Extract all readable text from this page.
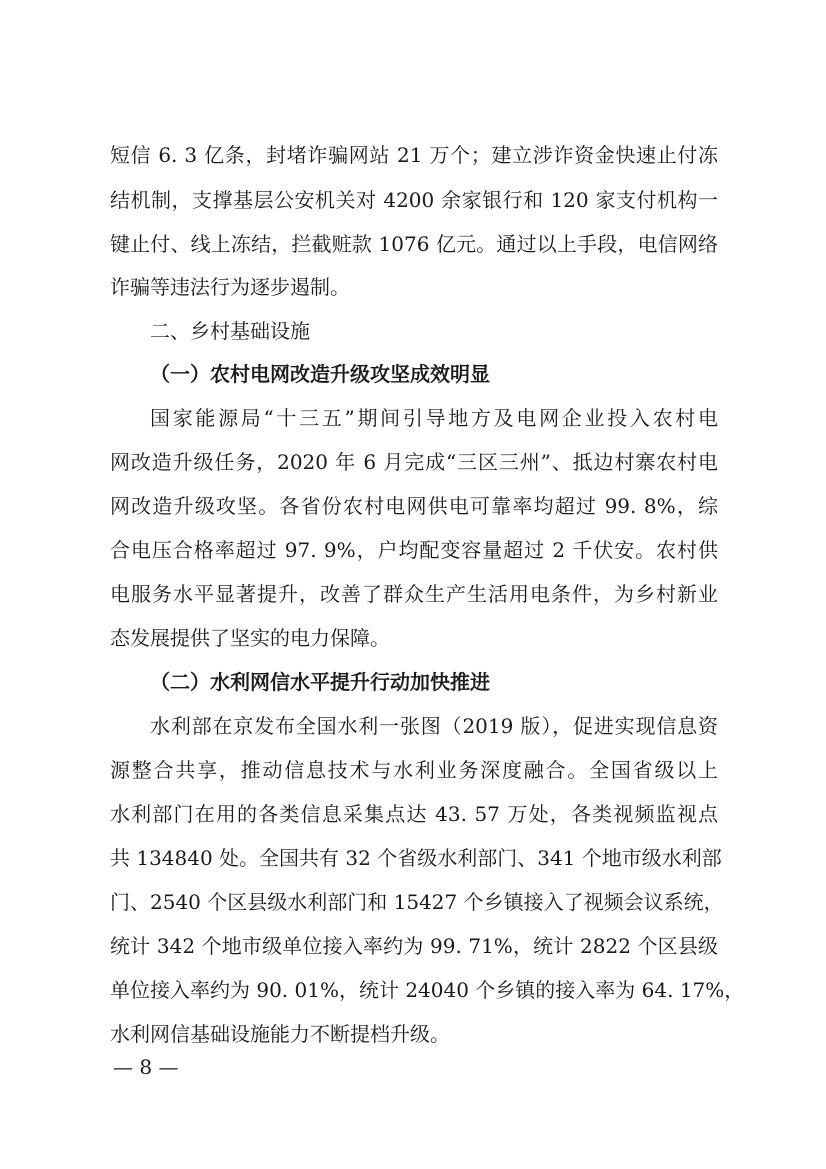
短信 6. 3 亿条，封堵诈骗网站 21 万个；建立涉诈资金快速止付冻
结机制，支撑基层公安机关对 4200 余家银行和 120 家支付机构一
键止付、线上冻结，拦截赃款 1076 亿元。通过以上手段，电信网络
诈骗等违法行为逐步遏制。
二、乡村基础设施
（一）农村电网改造升级攻坚成效明显
国家能源局“十三五”期间引导地方及电网企业投入农村电
网改造升级任务，2020 年 6 月完成“三区三州”、抵边村寨农村电
网改造升级攻坚。各省份农村电网供电可靠率均超过 99. 8%，综
合电压合格率超过 97. 9%，户均配变容量超过 2 千伏安。农村供
电服务水平显著提升，改善了群众生产生活用电条件，为乡村新业
态发展提供了坚实的电力保障。
（二）水利网信水平提升行动加快推进
水利部在京发布全国水利一张图（2019 版），促进实现信息资
源整合共享，推动信息技术与水利业务深度融合。全国省级以上
水利部门在用的各类信息采集点达 43. 57 万处，各类视频监视点
共 134840 处。全国共有 32 个省级水利部门、341 个地市级水利部
门、2540 个区县级水利部门和 15427 个乡镇接入了视频会议系统，
统计 342 个地市级单位接入率约为 99. 71%，统计 2822 个区县级
单位接入率约为 90. 01%，统计 24040 个乡镇的接入率为 64. 17%，
水利网信基础设施能力不断提档升级。
— 8 —
